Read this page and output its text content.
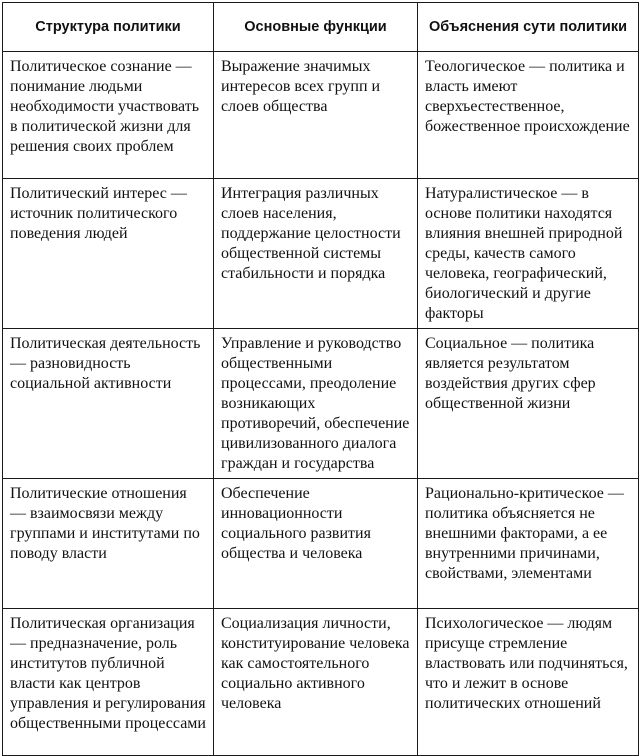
Структура политики	Основные функции	Объяснения сути политики
Политическое сознание — понимание людьми необходимости участвовать в политической жизни для решения своих проблем	Выражение значимых интересов всех групп и слоев общества	Теологическое — политика и власть имеют сверхъестественное, божественное происхождение
Политический интерес — источник политического поведения людей	Интеграция различных слоев населения, поддержание целостности общественной системы стабильности и порядка	Натуралистическое — в основе политики находятся влияния внешней природной среды, качеств самого человека, географический, биологический и другие факторы
Политическая деятельность — разновидность социальной активности	Управление и руководство общественными процессами, преодоление возникающих противоречий, обеспечение цивилизованного диалога граждан и государства	Социальное — политика является результатом воздействия других сфер общественной жизни
Политические отношения — взаимосвязи между группами и институтами по поводу власти	Обеспечение инновационности социального развития общества и человека	Рационально-критическое — политика объясняется не внешними факторами, а ее внутренними причинами, свойствами, элементами
Политическая организация — предназначение, роль институтов публичной власти как центров управления и регулирования общественными процессами	Социализация личности, конституирование человека как самостоятельного социально активного человека	Психологическое — людям присуще стремление властвовать или подчиняться, что и лежит в основе политических отношений
